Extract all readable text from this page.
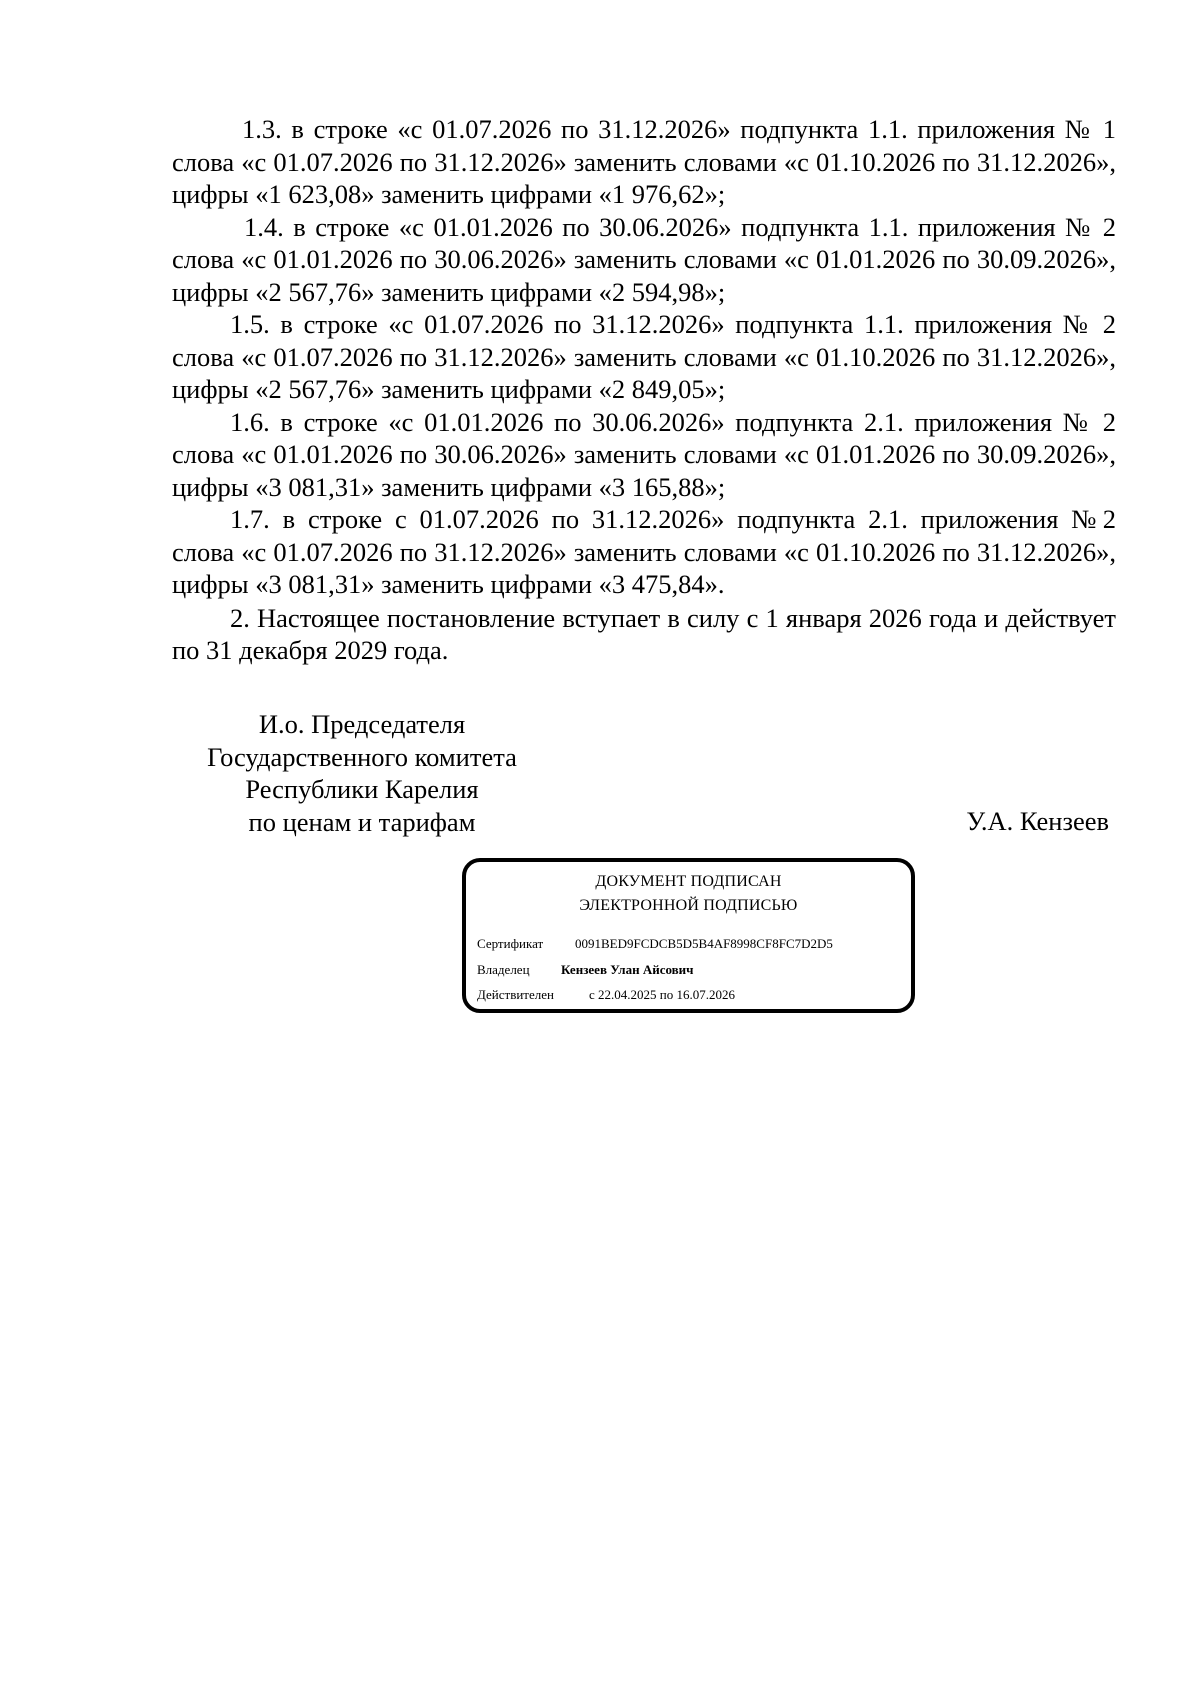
1.3. в строке «с 01.07.2026 по 31.12.2026» подпункта 1.1. приложения № 1 слова «с 01.07.2026 по 31.12.2026» заменить словами «с 01.10.2026 по 31.12.2026», цифры «1 623,08» заменить цифрами «1 976,62»;

1.4. в строке «с 01.01.2026 по 30.06.2026» подпункта 1.1. приложения № 2 слова «с 01.01.2026 по 30.06.2026» заменить словами «с 01.01.2026 по 30.09.2026», цифры «2 567,76» заменить цифрами «2 594,98»;

1.5. в строке «с 01.07.2026 по 31.12.2026» подпункта 1.1. приложения № 2 слова «с 01.07.2026 по 31.12.2026» заменить словами «с 01.10.2026 по 31.12.2026», цифры «2 567,76» заменить цифрами «2 849,05»;

1.6. в строке «с 01.01.2026 по 30.06.2026» подпункта 2.1. приложения № 2 слова «с 01.01.2026 по 30.06.2026» заменить словами «с 01.01.2026 по 30.09.2026», цифры «3 081,31» заменить цифрами «3 165,88»;

1.7. в строке с 01.07.2026 по 31.12.2026» подпункта 2.1. приложения №2 слова «с 01.07.2026 по 31.12.2026» заменить словами «с 01.10.2026 по 31.12.2026», цифры «3 081,31» заменить цифрами «3 475,84».

2. Настоящее постановление вступает в силу с 1 января 2026 года и действует по 31 декабря 2029 года.

И.о. Председателя
Государственного комитета
Республики Карелия
по ценам и тарифам	У.А. Кензеев
ДОКУМЕНТ ПОДПИСАН
ЭЛЕКТРОННОЙ ПОДПИСЬЮ
Сертификат 0091BED9FCDCB5D5B4AF8998CF8FC7D2D5
Владелец Кензеев Улан Айсович
Действителен	с 22.04.2025 по 16.07.2026
